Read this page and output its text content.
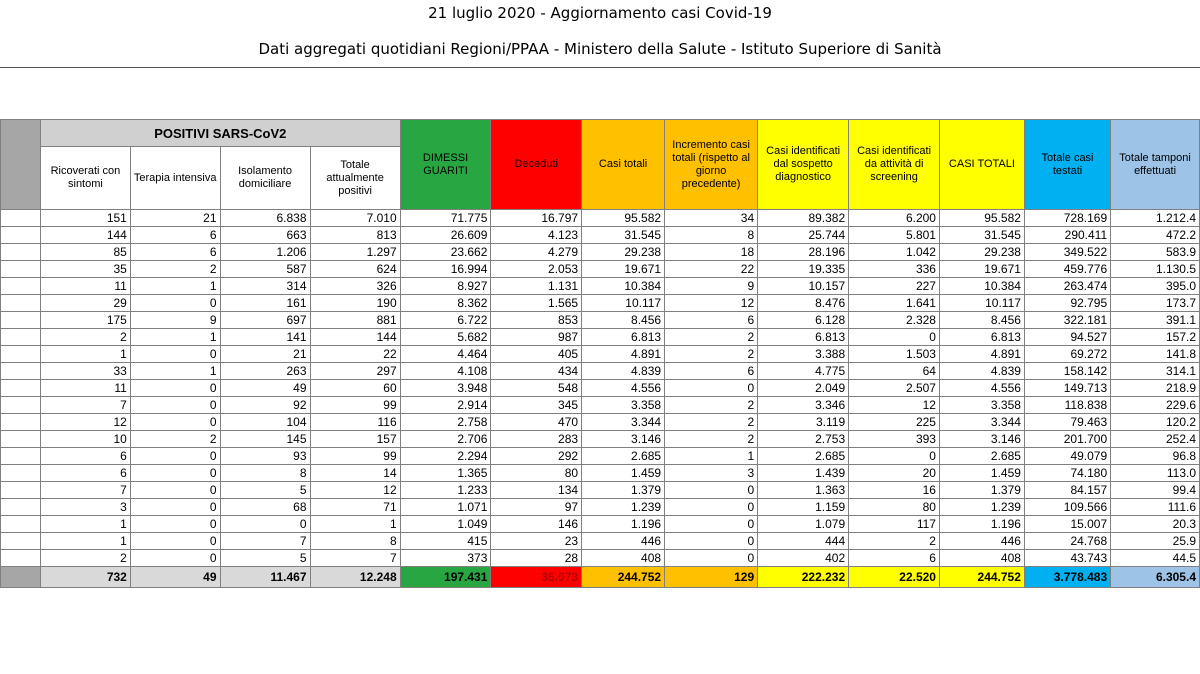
21 luglio 2020 - Aggiornamento casi Covid-19
Dati aggregati quotidiani Regioni/PPAA - Ministero della Salute - Istituto Superiore di Sanità
	POSITIVI SARS-CoV2				DIMESSI GUARITI	Deceduti	Casi totali	Incremento casi totali (rispetto al giorno precedente)	Casi identificati dal sospetto diagnostico	Casi identificati da attività di screening	CASI TOTALI	Totale casi testati	Totale tamponi effettuati
	Ricoverati con sintomi	Terapia intensiva	Isolamento domiciliare	Totale attualmente positivi									
	151	21	6.838	7.010	71.775	16.797	95.582	34	89.382	6.200	95.582	728.169	1.212.4
	144	6	663	813	26.609	4.123	31.545	8	25.744	5.801	31.545	290.411	472.2
	85	6	1.206	1.297	23.662	4.279	29.238	18	28.196	1.042	29.238	349.522	583.9
	35	2	587	624	16.994	2.053	19.671	22	19.335	336	19.671	459.776	1.130.5
	11	1	314	326	8.927	1.131	10.384	9	10.157	227	10.384	263.474	395.0
	29	0	161	190	8.362	1.565	10.117	12	8.476	1.641	10.117	92.795	173.7
	175	9	697	881	6.722	853	8.456	6	6.128	2.328	8.456	322.181	391.1
	2	1	141	144	5.682	987	6.813	2	6.813	0	6.813	94.527	157.2
	1	0	21	22	4.464	405	4.891	2	3.388	1.503	4.891	69.272	141.8
	33	1	263	297	4.108	434	4.839	6	4.775	64	4.839	158.142	314.1
	11	0	49	60	3.948	548	4.556	0	2.049	2.507	4.556	149.713	218.9
	7	0	92	99	2.914	345	3.358	2	3.346	12	3.358	118.838	229.6
	12	0	104	116	2.758	470	3.344	2	3.119	225	3.344	79.463	120.2
	10	2	145	157	2.706	283	3.146	2	2.753	393	3.146	201.700	252.4
	6	0	93	99	2.294	292	2.685	1	2.685	0	2.685	49.079	96.8
	6	0	8	14	1.365	80	1.459	3	1.439	20	1.459	74.180	113.0
	7	0	5	12	1.233	134	1.379	0	1.363	16	1.379	84.157	99.4
	3	0	68	71	1.071	97	1.239	0	1.159	80	1.239	109.566	111.6
	1	0	0	1	1.049	146	1.196	0	1.079	117	1.196	15.007	20.3
	1	0	7	8	415	23	446	0	444	2	446	24.768	25.9
	2	0	5	7	373	28	408	0	402	6	408	43.743	44.5
	732	49	11.467	12.248	197.431	35.073	244.752	129	222.232	22.520	244.752	3.778.483	6.305.4
